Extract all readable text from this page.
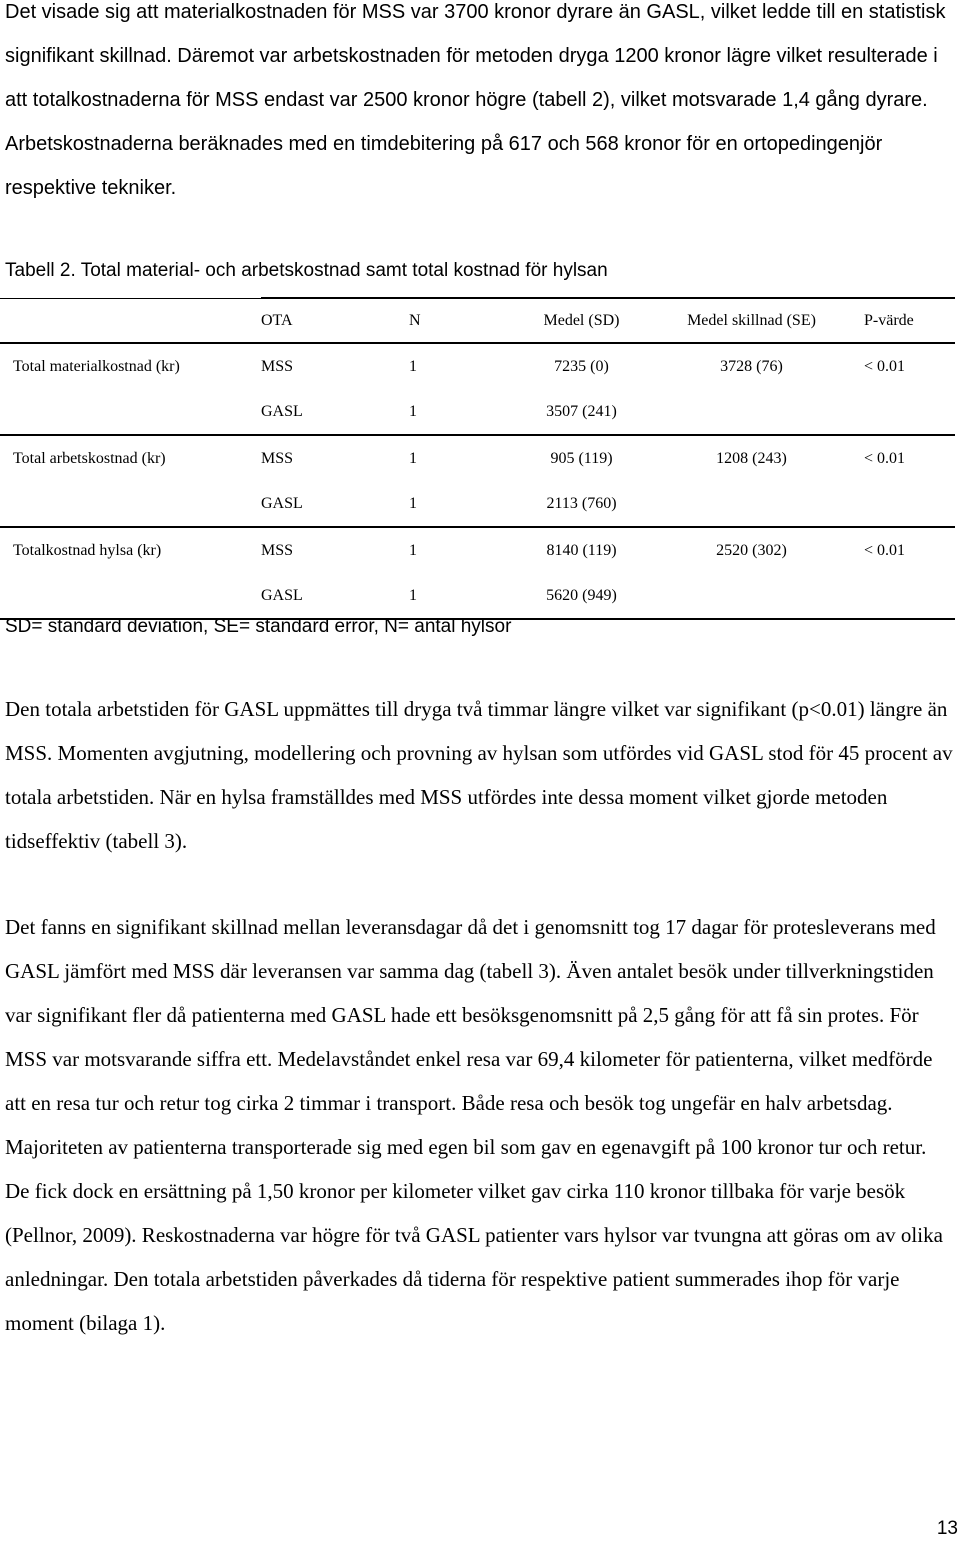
Det visade sig att materialkostnaden för MSS var 3700 kronor dyrare än GASL, vilket ledde till en statistisk signifikant skillnad. Däremot var arbetskostnaden för metoden dryga 1200 kronor lägre vilket resulterade i att totalkostnaderna för MSS endast var 2500 kronor högre (tabell 2), vilket motsvarade 1,4 gång dyrare. Arbetskostnaderna beräknades med en timdebitering på 617 och 568 kronor för en ortopedingenjör respektive tekniker.

Tabell 2. Total material- och arbetskostnad samt total kostnad för hylsan

	OTA	N	Medel (SD)	Medel skillnad (SE)	P-värde
Total materialkostnad (kr)	MSS	1	7235 (0)	3728 (76)	< 0.01
	GASL	1	3507 (241)		
Total arbetskostnad (kr)	MSS	1	905 (119)	1208 (243)	< 0.01
	GASL	1	2113 (760)		
Totalkostnad hylsa (kr)	MSS	1	8140 (119)	2520 (302)	< 0.01
	GASL	1	5620 (949)		

SD= standard deviation, SE= standard error, N= antal hylsor

Den totala arbetstiden för GASL uppmättes till dryga två timmar längre vilket var signifikant (p<0.01) längre än MSS. Momenten avgjutning, modellering och provning av hylsan som utfördes vid GASL stod för 45 procent av totala arbetstiden. När en hylsa framställdes med MSS utfördes inte dessa moment vilket gjorde metoden tidseffektiv (tabell 3).

Det fanns en signifikant skillnad mellan leveransdagar då det i genomsnitt tog 17 dagar för protesleverans med GASL jämfört med MSS där leveransen var samma dag (tabell 3). Även antalet besök under tillverkningstiden var signifikant fler då patienterna med GASL hade ett besöksgenomsnitt på 2,5 gång för att få sin protes. För MSS var motsvarande siffra ett. Medelavståndet enkel resa var 69,4 kilometer för patienterna, vilket medförde att en resa tur och retur tog cirka 2 timmar i transport. Både resa och besök tog ungefär en halv arbetsdag. Majoriteten av patienterna transporterade sig med egen bil som gav en egenavgift på 100 kronor tur och retur. De fick dock en ersättning på 1,50 kronor per kilometer vilket gav cirka 110 kronor tillbaka för varje besök (Pellnor, 2009). Reskostnaderna var högre för två GASL patienter vars hylsor var tvungna att göras om av olika anledningar. Den totala arbetstiden påverkades då tiderna för respektive patient summerades ihop för varje moment (bilaga 1).

13
